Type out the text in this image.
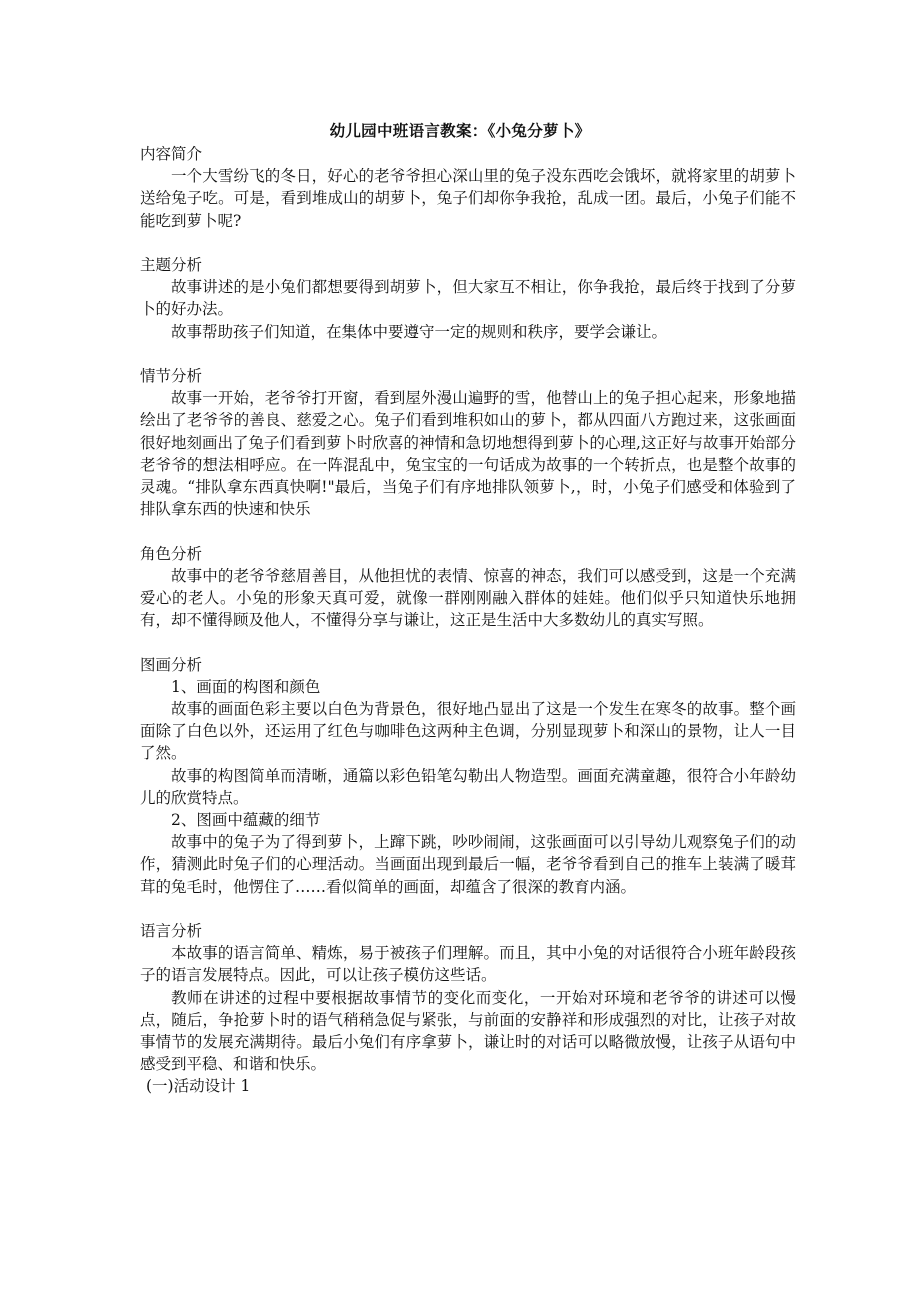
幼儿园中班语言教案：《小兔分萝卜》

内容简介

一个大雪纷飞的冬日，好心的老爷爷担心深山里的兔子没东西吃会饿坏，就将家里的胡萝卜送给兔子吃。可是，看到堆成山的胡萝卜，兔子们却你争我抢，乱成一团。最后，小兔子们能不能吃到萝卜呢?

主题分析

故事讲述的是小兔们都想要得到胡萝卜，但大家互不相让，你争我抢，最后终于找到了分萝卜的好办法。

故事帮助孩子们知道，在集体中要遵守一定的规则和秩序，要学会谦让。

情节分析

故事一开始，老爷爷打开窗，看到屋外漫山遍野的雪，他替山上的兔子担心起来，形象地描绘出了老爷爷的善良、慈爱之心。兔子们看到堆积如山的萝卜，都从四面八方跑过来，这张画面很好地刻画出了兔子们看到萝卜时欣喜的神情和急切地想得到萝卜的心理,这正好与故事开始部分老爷爷的想法相呼应。在一阵混乱中，兔宝宝的一句话成为故事的一个转折点，也是整个故事的灵魂。“排队拿东西真快啊!"最后，当兔子们有序地排队领萝卜,，时，小兔子们感受和体验到了排队拿东西的快速和快乐

角色分析

故事中的老爷爷慈眉善目，从他担忧的表情、惊喜的神态，我们可以感受到，这是一个充满爱心的老人。小兔的形象天真可爱，就像一群刚刚融入群体的娃娃。他们似乎只知道快乐地拥有，却不懂得顾及他人，不懂得分享与谦让，这正是生活中大多数幼儿的真实写照。

图画分析

1、画面的构图和颜色

故事的画面色彩主要以白色为背景色，很好地凸显出了这是一个发生在寒冬的故事。整个画面除了白色以外，还运用了红色与咖啡色这两种主色调，分别显现萝卜和深山的景物，让人一目了然。

故事的构图简单而清晰，通篇以彩色铅笔勾勒出人物造型。画面充满童趣，很符合小年龄幼儿的欣赏特点。

2、图画中蕴藏的细节

故事中的兔子为了得到萝卜，上蹿下跳，吵吵闹闹，这张画面可以引导幼儿观察兔子们的动作，猜测此时兔子们的心理活动。当画面出现到最后一幅，老爷爷看到自己的推车上装满了暖茸茸的兔毛时，他愣住了……看似简单的画面，却蕴含了很深的教育内涵。

语言分析

本故事的语言简单、精炼，易于被孩子们理解。而且，其中小兔的对话很符合小班年龄段孩子的语言发展特点。因此，可以让孩子模仿这些话。

教师在讲述的过程中要根据故事情节的变化而变化，一开始对环境和老爷爷的讲述可以慢点，随后，争抢萝卜时的语气稍稍急促与紧张，与前面的安静祥和形成强烈的对比，让孩子对故事情节的发展充满期待。最后小兔们有序拿萝卜，谦让时的对话可以略微放慢，让孩子从语句中感受到平稳、和谐和快乐。

(一)活动设计 1
